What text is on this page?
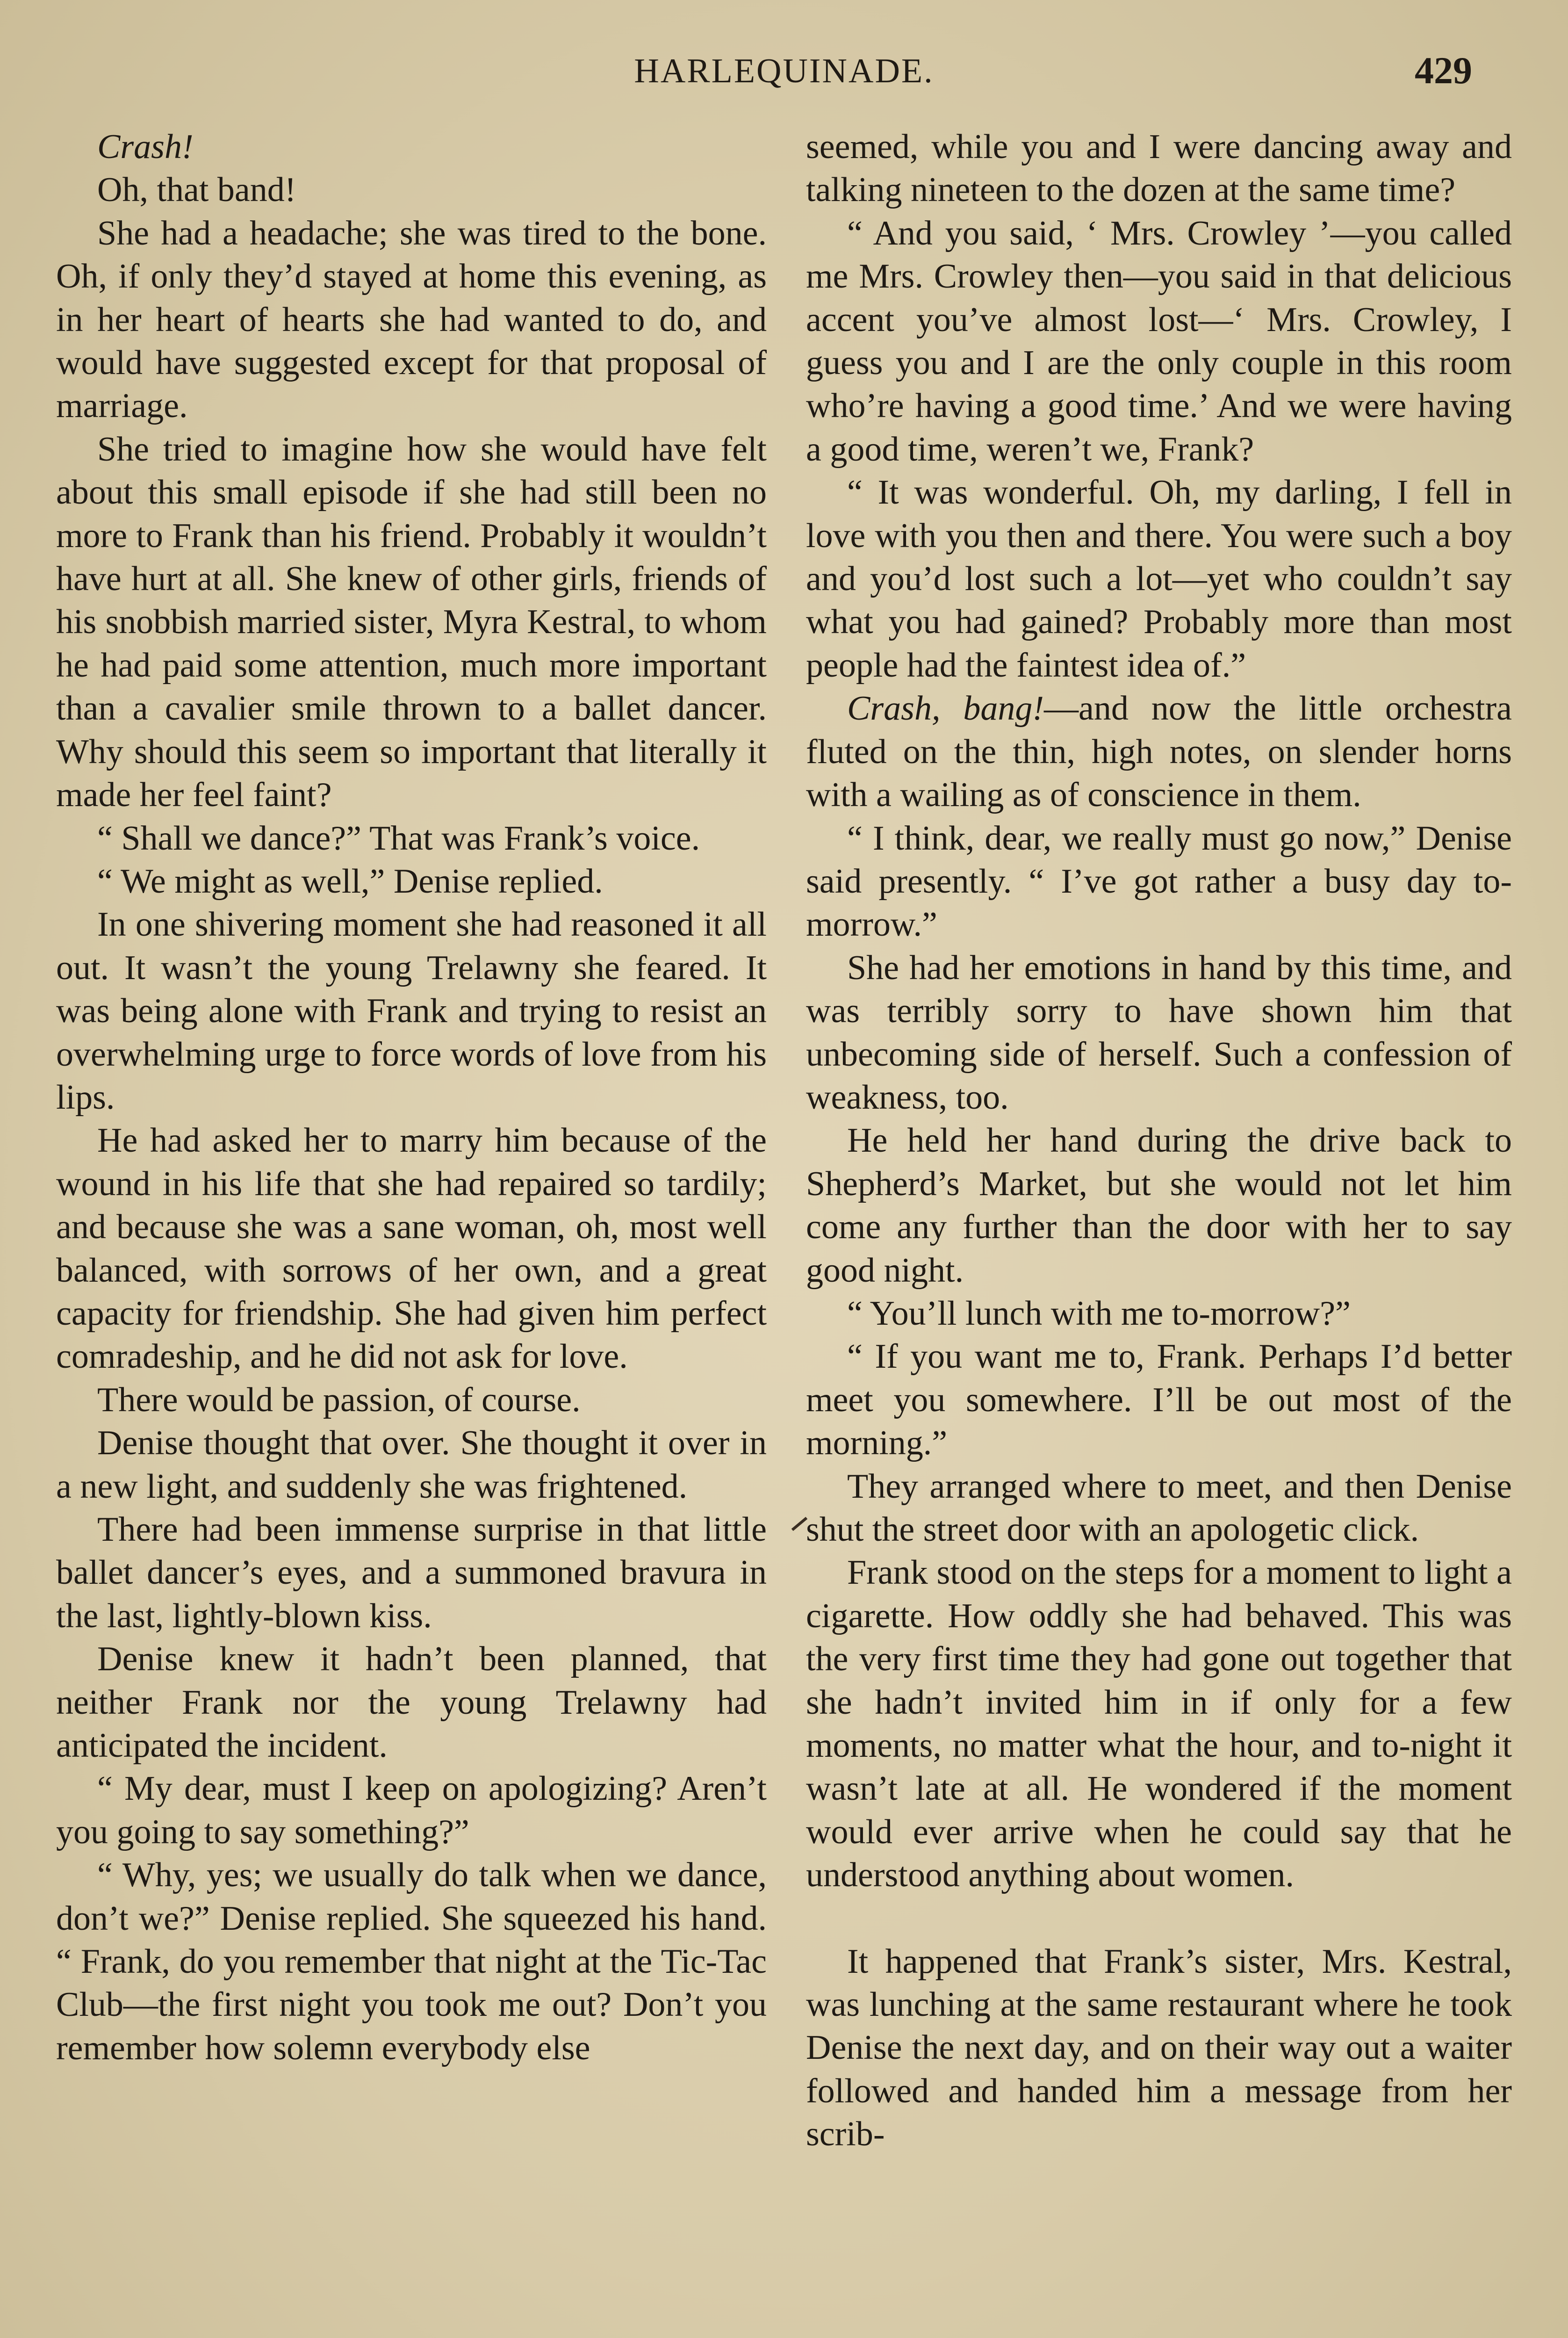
HARLEQUINADE.	429

Crash!

Oh, that band!

She had a headache; she was tired to the bone. Oh, if only they’d stayed at home this evening, as in her heart of hearts she had wanted to do, and would have suggested except for that proposal of marriage.

She tried to imagine how she would have felt about this small episode if she had still been no more to Frank than his friend. Probably it wouldn’t have hurt at all. She knew of other girls, friends of his snobbish married sister, Myra Kestral, to whom he had paid some attention, much more important than a cavalier smile thrown to a ballet dancer. Why should this seem so important that literally it made her feel faint?

“ Shall we dance?” That was Frank’s voice.

“ We might as well,” Denise replied.

In one shivering moment she had reasoned it all out. It wasn’t the young Trelawny she feared. It was being alone with Frank and trying to resist an overwhelming urge to force words of love from his lips.

He had asked her to marry him because of the wound in his life that she had repaired so tardily; and because she was a sane woman, oh, most well balanced, with sorrows of her own, and a great capacity for friendship. She had given him perfect comradeship, and he did not ask for love.

There would be passion, of course.

Denise thought that over. She thought it over in a new light, and suddenly she was frightened.

There had been immense surprise in that little ballet dancer’s eyes, and a summoned bravura in the last, lightly-blown kiss.

Denise knew it hadn’t been planned, that neither Frank nor the young Trelawny had anticipated the incident.

“ My dear, must I keep on apologizing? Aren’t you going to say something?”

“ Why, yes; we usually do talk when we dance, don’t we?” Denise replied. She squeezed his hand. “ Frank, do you remember that night at the Tic-Tac Club—the first night you took me out? Don’t you remember how solemn everybody else

seemed, while you and I were dancing away and talking nineteen to the dozen at the same time?

“ And you said, ‘ Mrs. Crowley ’—you called me Mrs. Crowley then—you said in that delicious accent you’ve almost lost—‘ Mrs. Crowley, I guess you and I are the only couple in this room who’re having a good time.’ And we were having a good time, weren’t we, Frank?

“ It was wonderful. Oh, my darling, I fell in love with you then and there. You were such a boy and you’d lost such a lot—yet who couldn’t say what you had gained? Probably more than most people had the faintest idea of.”

Crash, bang!—and now the little orchestra fluted on the thin, high notes, on slender horns with a wailing as of conscience in them.

“ I think, dear, we really must go now,” Denise said presently. “ I’ve got rather a busy day to-morrow.”

She had her emotions in hand by this time, and was terribly sorry to have shown him that unbecoming side of herself. Such a confession of weakness, too.

He held her hand during the drive back to Shepherd’s Market, but she would not let him come any further than the door with her to say good night.

“ You’ll lunch with me to-morrow?”

“ If you want me to, Frank. Perhaps I’d better meet you somewhere. I’ll be out most of the morning.”

They arranged where to meet, and then Denise shut the street door with an apologetic click.

Frank stood on the steps for a moment to light a cigarette. How oddly she had behaved. This was the very first time they had gone out together that she hadn’t invited him in if only for a few moments, no matter what the hour, and to-night it wasn’t late at all. He wondered if the moment would ever arrive when he could say that he understood anything about women.

It happened that Frank’s sister, Mrs. Kestral, was lunching at the same restaurant where he took Denise the next day, and on their way out a waiter followed and handed him a message from her scrib-
